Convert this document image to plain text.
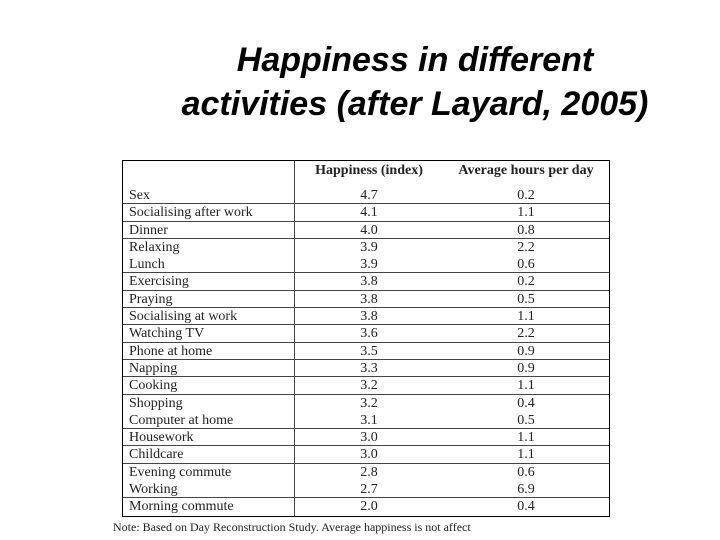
Happiness in different
activities (after Layard, 2005)
Happiness (index)	Average hours per day
Sex	4.7	0.2
Socialising after work	4.1	1.1
Dinner	4.0	0.8
Relaxing	3.9	2.2
Lunch	3.9	0.6
Exercising	3.8	0.2
Praying	3.8	0.5
Socialising at work	3.8	1.1
Watching TV	3.6	2.2
Phone at home	3.5	0.9
Napping	3.3	0.9
Cooking	3.2	1.1
Shopping	3.2	0.4
Computer at home	3.1	0.5
Housework	3.0	1.1
Childcare	3.0	1.1
Evening commute	2.8	0.6
Working	2.7	6.9
Morning commute	2.0	0.4
Note: Based on Day Reconstruction Study. Average happiness is not affect
